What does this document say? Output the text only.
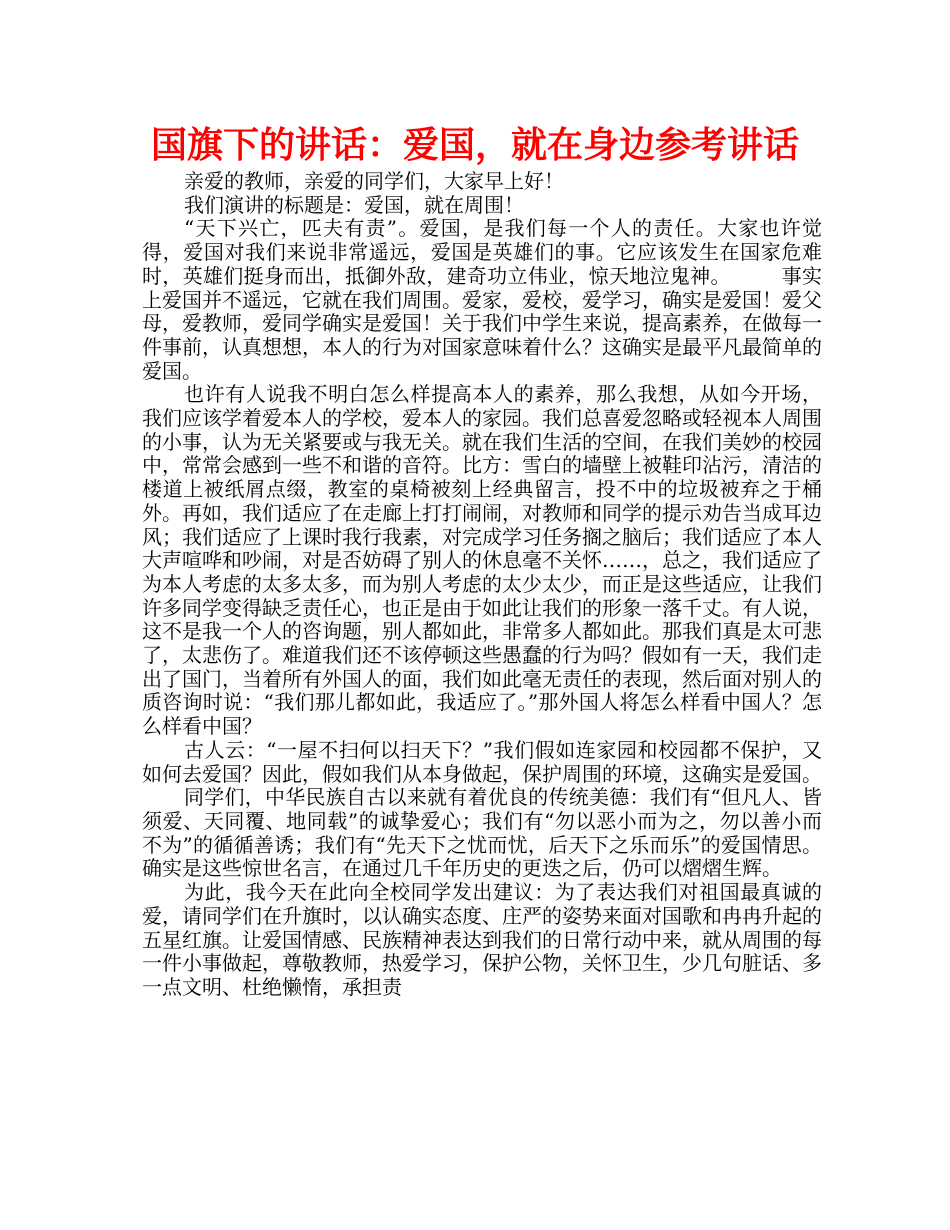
国旗下的讲话：爱国，就在身边参考讲话

亲爱的教师，亲爱的同学们，大家早上好！

我们演讲的标题是：爱国，就在周围！

“天下兴亡，匹夫有责”。爱国，是我们每一个人的责任。大家也许觉得，爱国对我们来说非常遥远，爱国是英雄们的事。它应该发生在国家危难时，英雄们挺身而出，抵御外敌，建奇功立伟业，惊天地泣鬼神。　　　事实上爱国并不遥远，它就在我们周围。爱家，爱校，爱学习，确实是爱国！爱父母，爱教师，爱同学确实是爱国！关于我们中学生来说，提高素养，在做每一件事前，认真想想，本人的行为对国家意味着什么？这确实是最平凡最简单的爱国。

也许有人说我不明白怎么样提高本人的素养，那么我想，从如今开场，我们应该学着爱本人的学校，爱本人的家园。我们总喜爱忽略或轻视本人周围的小事，认为无关紧要或与我无关。就在我们生活的空间，在我们美妙的校园中，常常会感到一些不和谐的音符。比方：雪白的墙壁上被鞋印沾污，清洁的楼道上被纸屑点缀，教室的桌椅被刻上经典留言，投不中的垃圾被弃之于桶外。再如，我们适应了在走廊上打打闹闹，对教师和同学的提示劝告当成耳边风；我们适应了上课时我行我素，对完成学习任务搁之脑后；我们适应了本人大声喧哗和吵闹，对是否妨碍了别人的休息毫不关怀……，总之，我们适应了为本人考虑的太多太多，而为别人考虑的太少太少，而正是这些适应，让我们许多同学变得缺乏责任心，也正是由于如此让我们的形象一落千丈。有人说，这不是我一个人的咨询题，别人都如此，非常多人都如此。那我们真是太可悲了，太悲伤了。难道我们还不该停顿这些愚蠢的行为吗？假如有一天，我们走出了国门，当着所有外国人的面，我们如此毫无责任的表现，然后面对别人的质咨询时说：“我们那儿都如此，我适应了。”那外国人将怎么样看中国人？怎么样看中国？

古人云：“一屋不扫何以扫天下？”我们假如连家园和校园都不保护，又如何去爱国？因此，假如我们从本身做起，保护周围的环境，这确实是爱国。

同学们，中华民族自古以来就有着优良的传统美德：我们有“但凡人、皆须爱、天同覆、地同载”的诚挚爱心；我们有“勿以恶小而为之，勿以善小而不为”的循循善诱；我们有“先天下之忧而忧，后天下之乐而乐”的爱国情思。确实是这些惊世名言，在通过几千年历史的更迭之后，仍可以熠熠生辉。

为此，我今天在此向全校同学发出建议：为了表达我们对祖国最真诚的爱，请同学们在升旗时，以认确实态度、庄严的姿势来面对国歌和冉冉升起的五星红旗。让爱国情感、民族精神表达到我们的日常行动中来，就从周围的每一件小事做起，尊敬教师，热爱学习，保护公物，关怀卫生，少几句脏话、多一点文明、杜绝懒惰，承担责
